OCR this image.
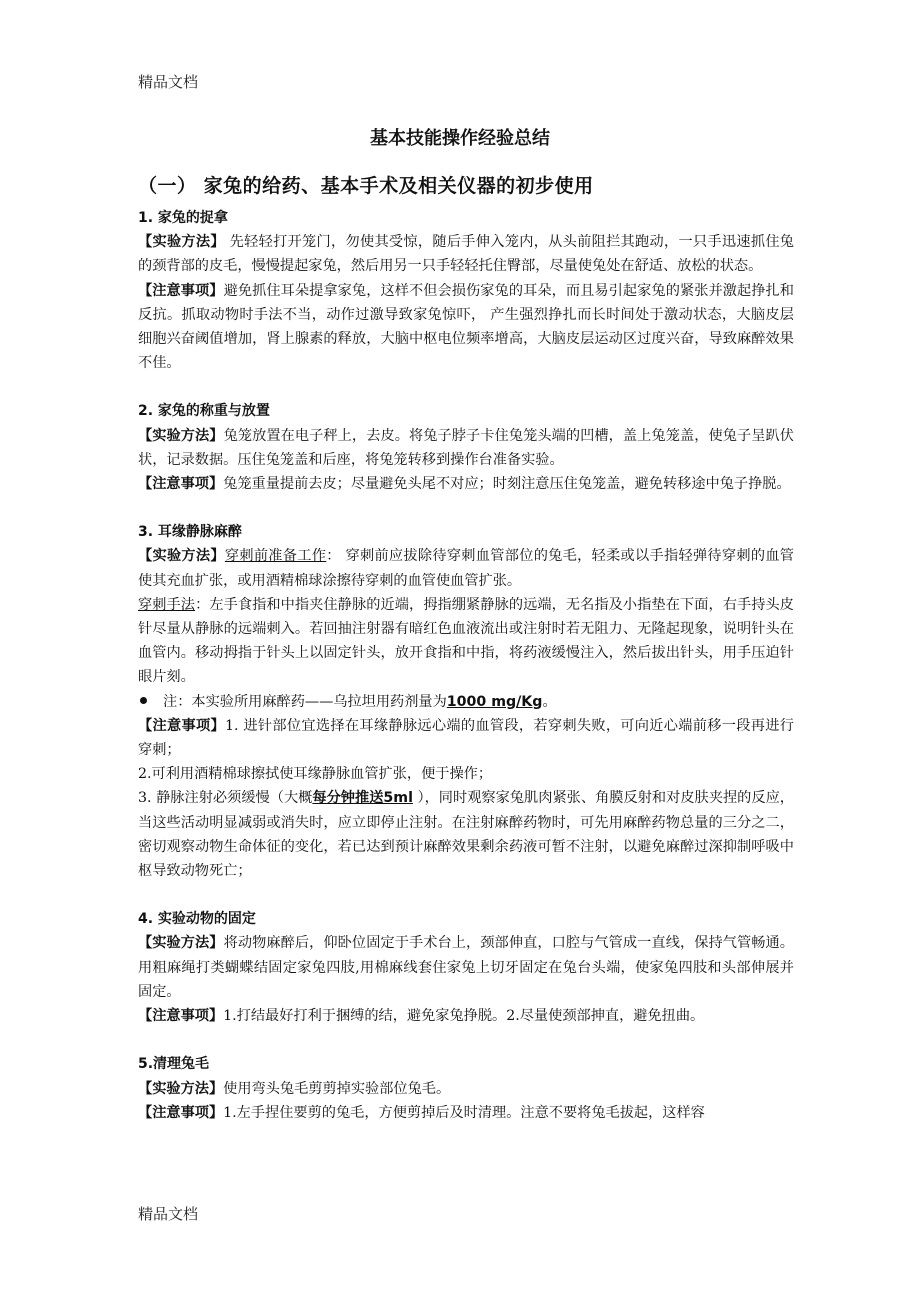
精品文档
基本技能操作经验总结
（一） 家兔的给药、基本手术及相关仪器的初步使用

1. 家兔的捉拿

【实验方法】 先轻轻打开笼门，勿使其受惊，随后手伸入笼内，从头前阻拦其跑动，一只手迅速抓住兔的颈背部的皮毛，慢慢提起家兔，然后用另一只手轻轻托住臀部，尽量使兔处在舒适、放松的状态。

【注意事项】避免抓住耳朵提拿家兔，这样不但会损伤家兔的耳朵，而且易引起家兔的紧张并激起挣扎和反抗。抓取动物时手法不当，动作过激导致家兔惊吓， 产生强烈挣扎而长时间处于激动状态，大脑皮层细胞兴奋阈值增加，肾上腺素的释放，大脑中枢电位频率增高，大脑皮层运动区过度兴奋，导致麻醉效果不佳。

2. 家兔的称重与放置

【实验方法】兔笼放置在电子秤上，去皮。将兔子脖子卡住兔笼头端的凹槽，盖上兔笼盖，使兔子呈趴伏状，记录数据。压住兔笼盖和后座，将兔笼转移到操作台准备实验。

【注意事项】兔笼重量提前去皮；尽量避免头尾不对应；时刻注意压住兔笼盖，避免转移途中兔子挣脱。

3. 耳缘静脉麻醉

【实验方法】穿刺前准备工作： 穿刺前应拔除待穿刺血管部位的兔毛，轻柔或以手指轻弹待穿刺的血管使其充血扩张，或用酒精棉球涂擦待穿刺的血管使血管扩张。

穿刺手法：左手食指和中指夹住静脉的近端，拇指绷紧静脉的远端，无名指及小指垫在下面，右手持头皮针尽量从静脉的远端刺入。若回抽注射器有暗红色血液流出或注射时若无阻力、无隆起现象，说明针头在血管内。移动拇指于针头上以固定针头，放开食指和中指，将药液缓慢注入，然后拔出针头，用手压迫针眼片刻。

注：本实验所用麻醉药——乌拉坦用药剂量为1000 mg/Kg。

【注意事项】1. 进针部位宜选择在耳缘静脉远心端的血管段，若穿刺失败，可向近心端前移一段再进行穿刺；

2.可利用酒精棉球擦拭使耳缘静脉血管扩张，便于操作；

3. 静脉注射必须缓慢（大概每分钟推送5ml ），同时观察家兔肌肉紧张、角膜反射和对皮肤夹捏的反应，当这些活动明显减弱或消失时，应立即停止注射。在注射麻醉药物时，可先用麻醉药物总量的三分之二，密切观察动物生命体征的变化，若已达到预计麻醉效果剩余药液可暂不注射，以避免麻醉过深抑制呼吸中枢导致动物死亡；

4. 实验动物的固定

【实验方法】将动物麻醉后，仰卧位固定于手术台上，颈部伸直，口腔与气管成一直线，保持气管畅通。用粗麻绳打类蝴蝶结固定家兔四肢,用棉麻线套住家兔上切牙固定在兔台头端，使家兔四肢和头部伸展并固定。

【注意事项】1.打结最好打利于捆缚的结，避免家兔挣脱。2.尽量使颈部抻直，避免扭曲。

5.清理兔毛

【实验方法】使用弯头兔毛剪剪掉实验部位兔毛。

【注意事项】1.左手捏住要剪的兔毛，方便剪掉后及时清理。注意不要将兔毛拔起，这样容

精品文档
